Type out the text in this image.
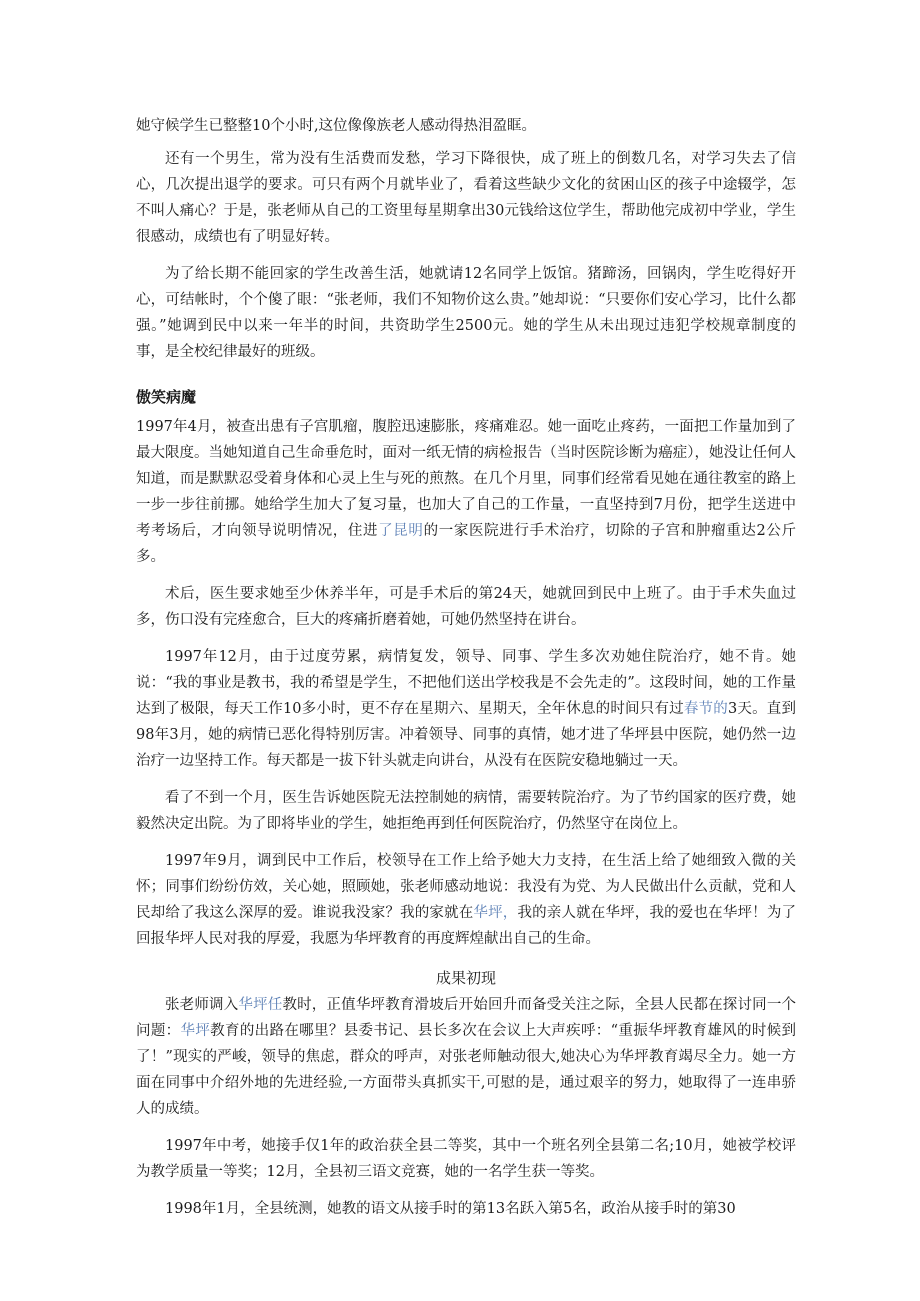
她守候学生已整整10个小时,这位像像族老人感动得热泪盈眶。

还有一个男生，常为没有生活费而发愁，学习下降很快，成了班上的倒数几名，对学习失去了信心，几次提出退学的要求。可只有两个月就毕业了，看着这些缺少文化的贫困山区的孩子中途辍学，怎不叫人痛心？于是，张老师从自己的工资里每星期拿出30元钱给这位学生，帮助他完成初中学业，学生很感动，成绩也有了明显好转。

为了给长期不能回家的学生改善生活，她就请12名同学上饭馆。猪蹄汤，回锅肉，学生吃得好开心，可结帐时，个个傻了眼：“张老师，我们不知物价这么贵。”她却说：“只要你们安心学习，比什么都强。”她调到民中以来一年半的时间，共资助学生2500元。她的学生从未出现过违犯学校规章制度的事，是全校纪律最好的班级。

傲笑病魔

1997年4月，被查出患有子宫肌瘤，腹腔迅速膨胀，疼痛难忍。她一面吃止疼药，一面把工作量加到了最大限度。当她知道自己生命垂危时，面对一纸无情的病检报告（当时医院诊断为癌症），她没让任何人知道，而是默默忍受着身体和心灵上生与死的煎熬。在几个月里，同事们经常看见她在通往教室的路上一步一步往前挪。她给学生加大了复习量，也加大了自己的工作量，一直坚持到7月份，把学生送进中考考场后，才向领导说明情况，住进了昆明的一家医院进行手术治疗，切除的子宫和肿瘤重达2公斤多。

术后，医生要求她至少休养半年，可是手术后的第24天，她就回到民中上班了。由于手术失血过多，伤口没有完痊愈合，巨大的疼痛折磨着她，可她仍然坚持在讲台。

1997年12月，由于过度劳累，病情复发，领导、同事、学生多次劝她住院治疗，她不肯。她说：“我的事业是教书，我的希望是学生，不把他们送出学校我是不会先走的”。这段时间，她的工作量达到了极限，每天工作10多小时，更不存在星期六、星期天，全年休息的时间只有过春节的3天。直到98年3月，她的病情已恶化得特别厉害。冲着领导、同事的真情，她才进了华坪县中医院，她仍然一边治疗一边坚持工作。每天都是一拔下针头就走向讲台，从没有在医院安稳地躺过一天。

看了不到一个月，医生告诉她医院无法控制她的病情，需要转院治疗。为了节约国家的医疗费，她毅然决定出院。为了即将毕业的学生，她拒绝再到任何医院治疗，仍然坚守在岗位上。

1997年9月，调到民中工作后，校领导在工作上给予她大力支持，在生活上给了她细致入微的关怀；同事们纷纷仿效，关心她，照顾她，张老师感动地说：我没有为党、为人民做出什么贡献，党和人民却给了我这么深厚的爱。谁说我没家？我的家就在华坪，我的亲人就在华坪，我的爱也在华坪！为了回报华坪人民对我的厚爱，我愿为华坪教育的再度辉煌献出自己的生命。

成果初现

张老师调入华坪任教时，正值华坪教育滑坡后开始回升而备受关注之际，全县人民都在探讨同一个问题：华坪教育的出路在哪里？县委书记、县长多次在会议上大声疾呼：“重振华坪教育雄风的时候到了！”现实的严峻，领导的焦虑，群众的呼声，对张老师触动很大,她决心为华坪教育竭尽全力。她一方面在同事中介绍外地的先进经验,一方面带头真抓实干,可慰的是，通过艰辛的努力，她取得了一连串骄人的成绩。

1997年中考，她接手仅1年的政治获全县二等奖，其中一个班名列全县第二名;10月，她被学校评为教学质量一等奖；12月，全县初三语文竞赛，她的一名学生获一等奖。

1998年1月，全县统测，她教的语文从接手时的第13名跃入第5名，政治从接手时的第30
